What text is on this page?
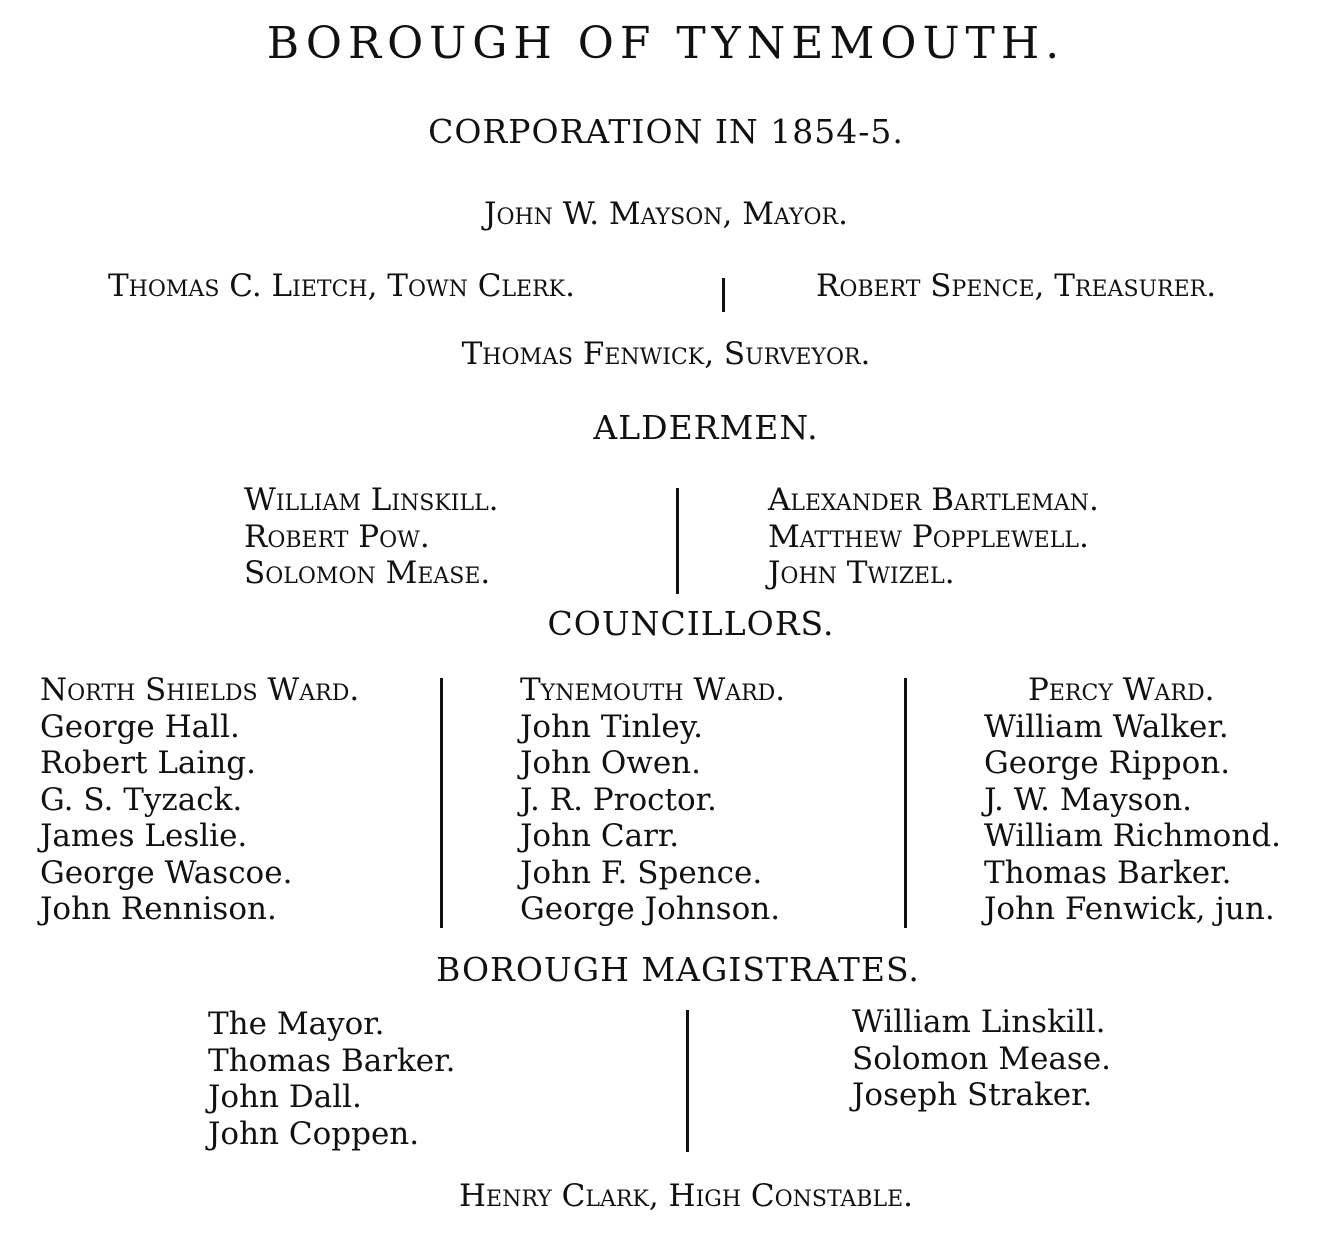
BOROUGH OF TYNEMOUTH.
CORPORATION IN 1854-5.
John W. Mayson, Mayor.
Thomas C. Lietch, Town Clerk.	Robert Spence, Treasurer.
Thomas Fenwick, Surveyor.
ALDERMEN.
William Linskill.
Robert Pow.
Solomon Mease.
Alexander Bartleman.
Matthew Popplewell.
John Twizel.
COUNCILLORS.
North Shields Ward.
George Hall.
Robert Laing.
G. S. Tyzack.
James Leslie.
George Wascoe.
John Rennison.
Tynemouth Ward.
John Tinley.
John Owen.
J. R. Proctor.
John Carr.
John F. Spence.
George Johnson.
Percy Ward.
William Walker.
George Rippon.
J. W. Mayson.
William Richmond.
Thomas Barker.
John Fenwick, jun.
BOROUGH MAGISTRATES.
The Mayor.
Thomas Barker.
John Dall.
John Coppen.
William Linskill.
Solomon Mease.
Joseph Straker.
Henry Clark, High Constable.
